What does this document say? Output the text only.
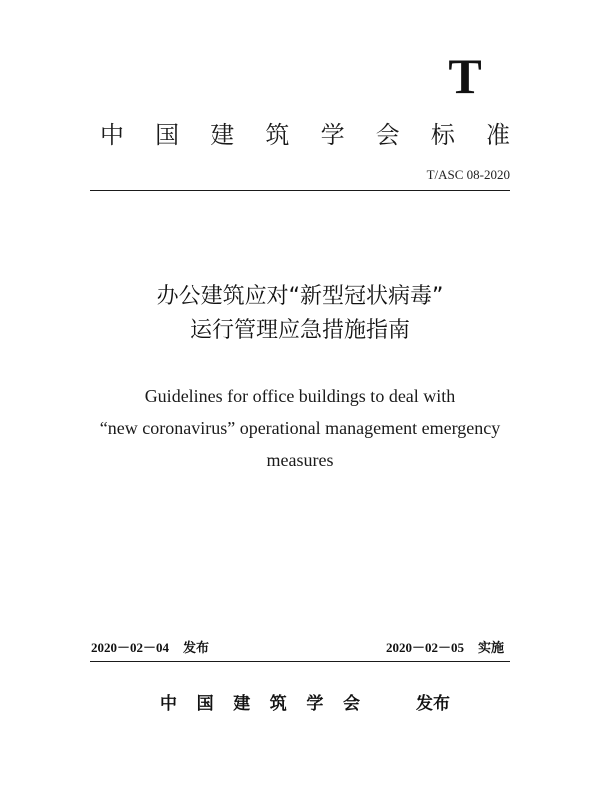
T
中 国 建 筑 学 会 标 准
T/ASC 08-2020
办公建筑应对“新型冠状病毒”
运行管理应急措施指南
Guidelines for office buildings to deal with
“new coronavirus” operational management emergency
measures
2020－02－04 发布	2020－02－05 实施
中 国 建 筑 学 会	发布
